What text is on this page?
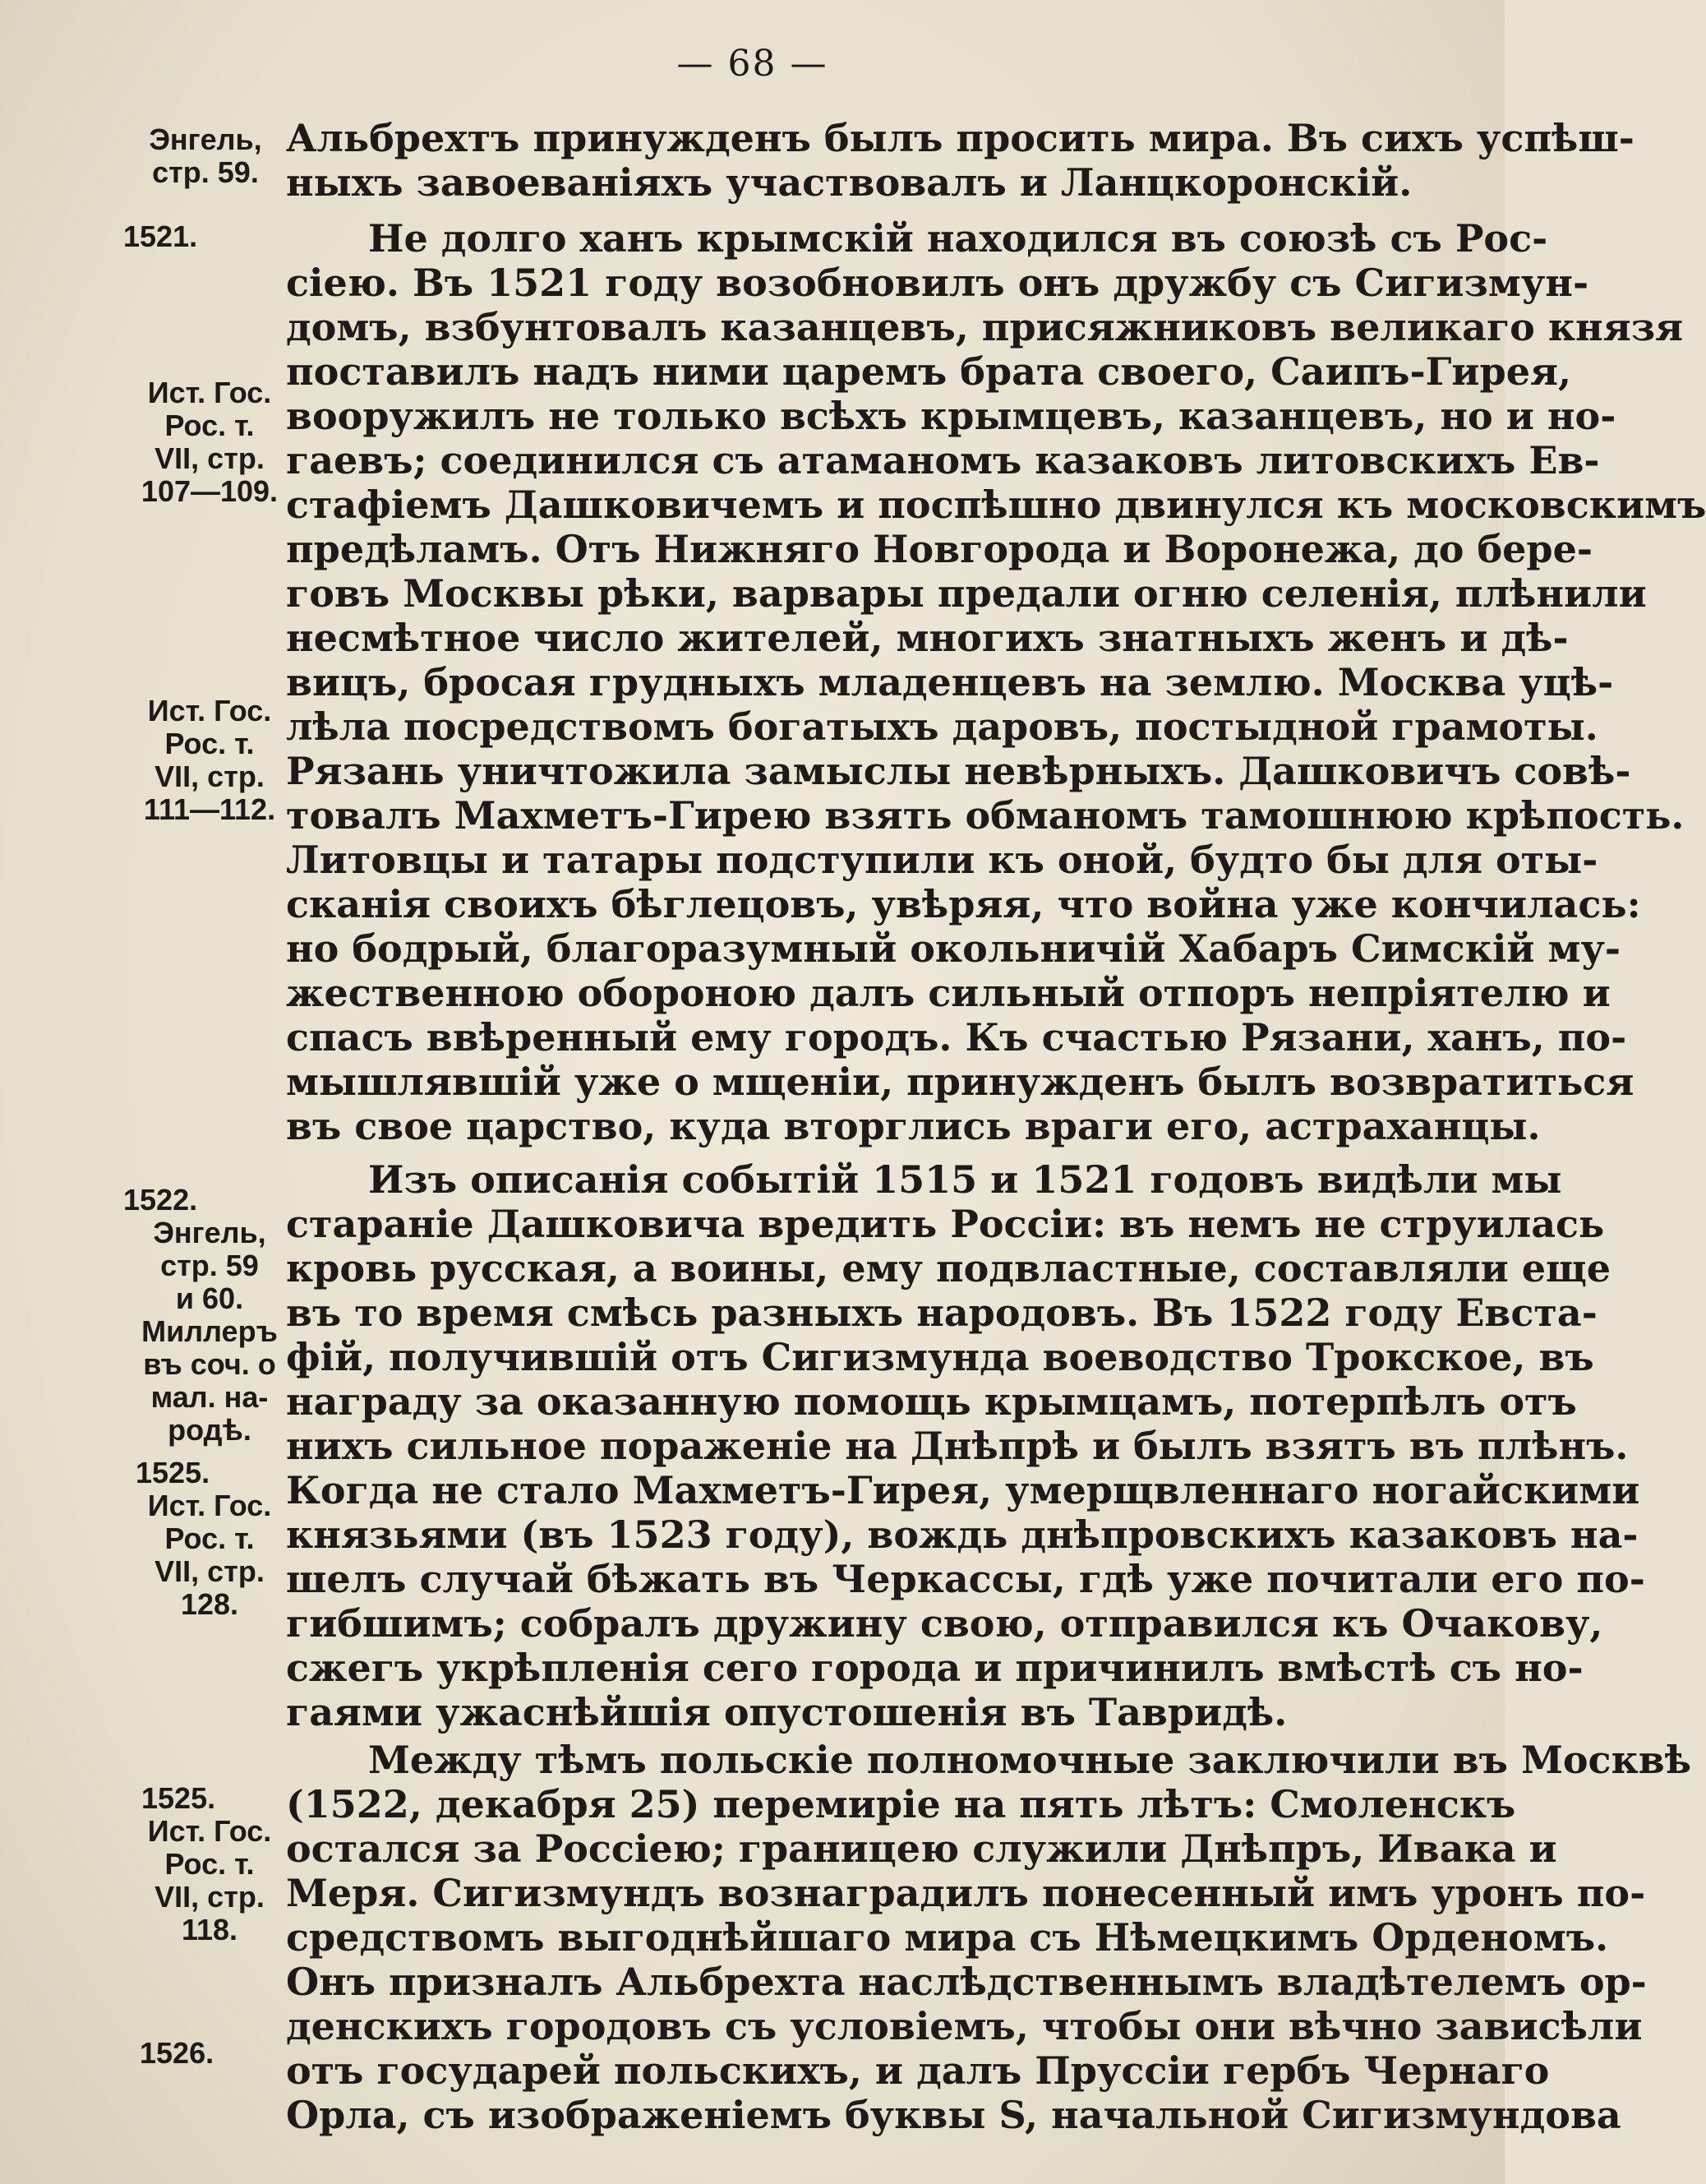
— 68 —
Энгель,
стр. 59.
1521.
Ист. Гос.
Рос. т.
VII, стр.
107—109.
Ист. Гос.
Рос. т.
VII, стр.
111—112.
1522.
Энгель,
стр. 59
и 60.
Миллеръ
въ соч. о
мал. на-
родѣ.
1525.
Ист. Гос.
Рос. т.
VII, стр.
128.
1525.
Ист. Гос.
Рос. т.
VII, стр.
118.
1526.
Альбрехтъ принужденъ былъ просить мира. Въ сихъ успѣш-
ныхъ завоеваніяхъ участвовалъ и Ланцкоронскій.
Не долго ханъ крымскій находился въ союзѣ съ Рос-
сіею. Въ 1521 году возобновилъ онъ дружбу съ Сигизмун-
домъ, взбунтовалъ казанцевъ, присяжниковъ великаго князя
поставилъ надъ ними царемъ брата своего, Саипъ-Гирея,
вооружилъ не только всѣхъ крымцевъ, казанцевъ, но и но-
гаевъ; соединился съ атаманомъ казаковъ литовскихъ Ев-
стафіемъ Дашковичемъ и поспѣшно двинулся къ московскимъ
предѣламъ. Отъ Нижняго Новгорода и Воронежа, до бере-
говъ Москвы рѣки, варвары предали огню селенія, плѣнили
несмѣтное число жителей, многихъ знатныхъ женъ и дѣ-
вицъ, бросая грудныхъ младенцевъ на землю. Москва уцѣ-
лѣла посредствомъ богатыхъ даровъ, постыдной грамоты.
Рязань уничтожила замыслы невѣрныхъ. Дашковичъ совѣ-
товалъ Махметъ-Гирею взять обманомъ тамошнюю крѣпость.
Литовцы и татары подступили къ оной, будто бы для оты-
сканія своихъ бѣглецовъ, увѣряя, что война уже кончилась:
но бодрый, благоразумный окольничій Хабаръ Симскій му-
жественною обороною далъ сильный отпоръ непріятелю и
спасъ ввѣренный ему городъ. Къ счастью Рязани, ханъ, по-
мышлявшій уже о мщеніи, принужденъ былъ возвратиться
въ свое царство, куда вторглись враги его, астраханцы.
Изъ описанія событій 1515 и 1521 годовъ видѣли мы
стараніе Дашковича вредить Россіи: въ немъ не струилась
кровь русская, а воины, ему подвластные, составляли еще
въ то время смѣсь разныхъ народовъ. Въ 1522 году Евста-
фій, получившій отъ Сигизмунда воеводство Трокское, въ
награду за оказанную помощь крымцамъ, потерпѣлъ отъ
нихъ сильное пораженіе на Днѣпрѣ и былъ взятъ въ плѣнъ.
Когда не стало Махметъ-Гирея, умерщвленнаго ногайскими
князьями (въ 1523 году), вождь днѣпровскихъ казаковъ на-
шелъ случай бѣжать въ Черкассы, гдѣ уже почитали его по-
гибшимъ; собралъ дружину свою, отправился къ Очакову,
сжегъ укрѣпленія сего города и причинилъ вмѣстѣ съ но-
гаями ужаснѣйшія опустошенія въ Тавридѣ.
Между тѣмъ польскіе полномочные заключили въ Москвѣ
(1522, декабря 25) перемиріе на пять лѣтъ: Смоленскъ
остался за Россіею; границею служили Днѣпръ, Ивака и
Меря. Сигизмундъ вознаградилъ понесенный имъ уронъ по-
средствомъ выгоднѣйшаго мира съ Нѣмецкимъ Орденомъ.
Онъ призналъ Альбрехта наслѣдственнымъ владѣтелемъ ор-
денскихъ городовъ съ условіемъ, чтобы они вѣчно зависѣли
отъ государей польскихъ, и далъ Пруссіи гербъ Чернаго
Орла, съ изображеніемъ буквы S, начальной Сигизмундова
